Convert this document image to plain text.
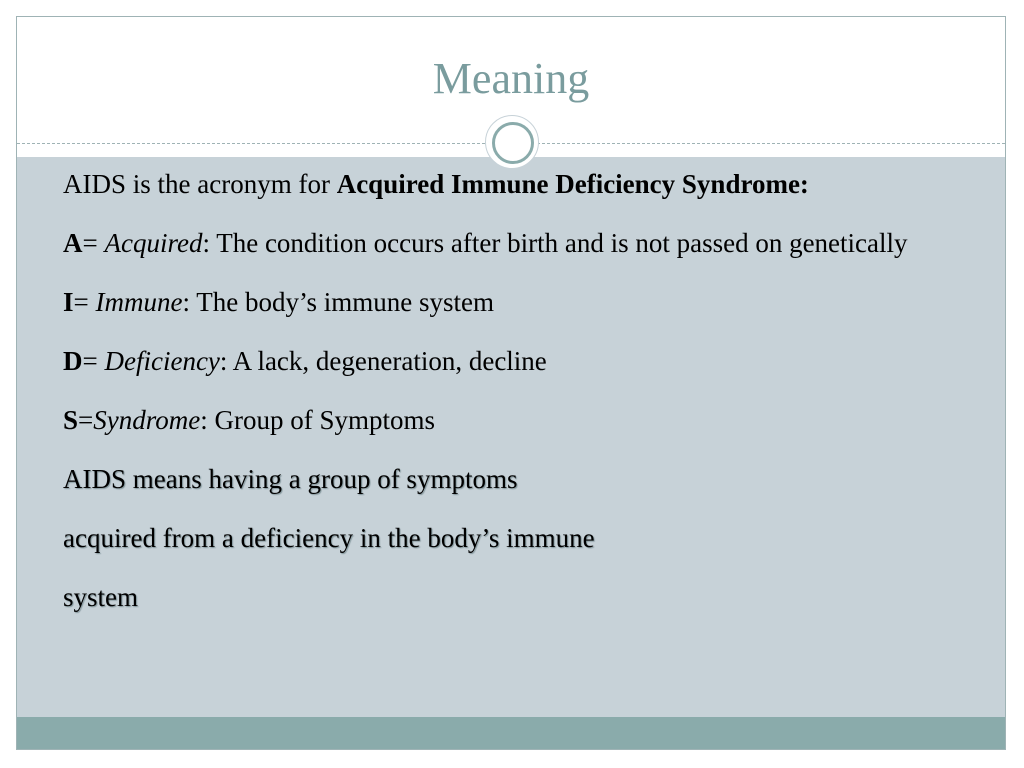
Meaning

AIDS is the acronym for Acquired Immune Deficiency Syndrome:

A= Acquired: The condition occurs after birth and is not passed on genetically

I= Immune: The body’s immune system

D= Deficiency: A lack, degeneration, decline

S=Syndrome: Group of Symptoms

AIDS means having a group of symptoms

acquired from a deficiency in the body’s immune

system
